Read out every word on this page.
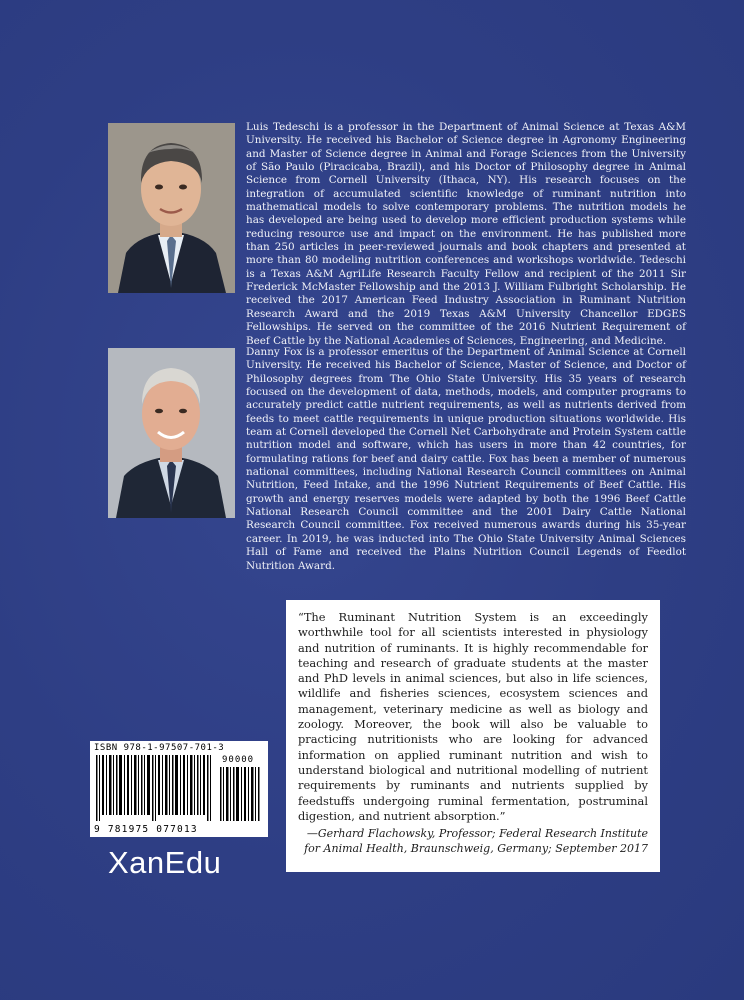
Luis Tedeschi is a professor in the Department of Animal Science at Texas A&M University. He received his Bachelor of Science degree in Agronomy Engineering and Master of Science degree in Animal and Forage Sciences from the University of São Paulo (Piracicaba, Brazil), and his Doctor of Philosophy degree in Animal Science from Cornell University (Ithaca, NY). His research focuses on the integration of accumulated scientific knowledge of ruminant nutrition into mathematical models to solve contemporary problems. The nutrition models he has developed are being used to develop more efficient production systems while reducing resource use and impact on the environment. He has published more than 250 articles in peer-reviewed journals and book chapters and presented at more than 80 modeling nutrition conferences and workshops worldwide. Tedeschi is a Texas A&M AgriLife Research Faculty Fellow and recipient of the 2011 Sir Frederick McMaster Fellowship and the 2013 J. William Fulbright Scholarship. He received the 2017 American Feed Industry Association in Ruminant Nutrition Research Award and the 2019 Texas A&M University Chancellor EDGES Fellowships. He served on the committee of the 2016 Nutrient Requirement of Beef Cattle by the National Academies of Sciences, Engineering, and Medicine.

Danny Fox is a professor emeritus of the Department of Animal Science at Cornell University. He received his Bachelor of Science, Master of Science, and Doctor of Philosophy degrees from The Ohio State University. His 35 years of research focused on the development of data, methods, models, and computer programs to accurately predict cattle nutrient requirements, as well as nutrients derived from feeds to meet cattle requirements in unique production situations worldwide. His team at Cornell developed the Cornell Net Carbohydrate and Protein System cattle nutrition model and software, which has users in more than 42 countries, for formulating rations for beef and dairy cattle. Fox has been a member of numerous national committees, including National Research Council committees on Animal Nutrition, Feed Intake, and the 1996 Nutrient Requirements of Beef Cattle. His growth and energy reserves models were adapted by both the 1996 Beef Cattle National Research Council committee and the 2001 Dairy Cattle National Research Council committee. Fox received numerous awards during his 35-year career. In 2019, he was inducted into The Ohio State University Animal Sciences Hall of Fame and received the Plains Nutrition Council Legends of Feedlot Nutrition Award.

“The Ruminant Nutrition System is an exceedingly worthwhile tool for all scientists interested in physiology and nutrition of ruminants. It is highly recommendable for teaching and research of graduate students at the master and PhD levels in animal sciences, but also in life sciences, wildlife and fisheries sciences, ecosystem sciences and management, veterinary medicine as well as biology and zoology. Moreover, the book will also be valuable to practicing nutritionists who are looking for advanced information on applied ruminant nutrition and wish to understand biological and nutritional modelling of nutrient requirements by ruminants and nutrients supplied by feedstuffs undergoing ruminal fermentation, postruminal digestion, and nutrient absorption.”

—Gerhard Flachowsky, Professor; Federal Research Institute for Animal Health, Braunschweig, Germany; September 2017

ISBN 978-1-97507-701-3
90000
9 781975 077013
XanEdu
